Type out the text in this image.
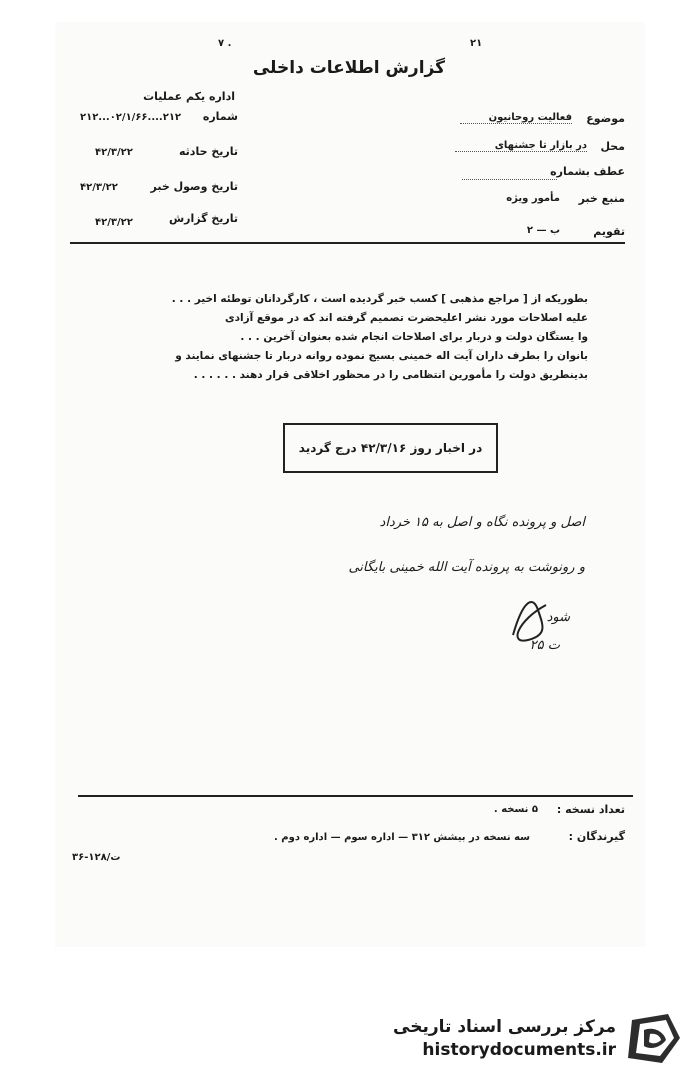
۲۱
۷ .
گزارش اطلاعات داخلی
اداره یکم عملیات
شماره
۲۱۲...۰۲/۱/۶۶....۲۱۲
تاریخ حادثه
۴۲/۳/۲۲
تاریخ وصول خبر
۴۲/۳/۲۲
تاریخ گزارش
۴۲/۳/۲۲
موضوع
فعالیت روحانیون
محل
در بازار تا جشنهای
عطف بشماره
منبع خبر
مأمور ویژه
تقویم
ب — ۲
بطوریکه از [ مراجع مذهبی ] کسب خبر گردیده است ، کارگردانان توطئه اخیر . . .
علیه اصلاحات مورد نشر اعلیحضرت تصمیم گرفته اند که در موقع آزادی
وا یستگان دولت و دربار برای اصلاحات انجام شده بعنوان آخرین . . .
بانوان را بطرف داران آیت اله خمینی بسیج نموده روانه دربار تا جشنهای نمایند و
بدینطریق دولت را مأمورین انتظامی را در محظور اخلاقی قرار دهند . . . . . .
در اخبار روز ۴۲/۳/۱۶ درج گردید
اصل و پرونده نگاه و اصل به ۱۵ خرداد
و رونوشت به پرونده آیت الله خمینی بایگانی
شود
ت ۲۵
تعداد نسخه :
۵ نسخه .
گیرندگان :
سه نسخه در بیشش ۳۱۲ — اداره سوم — اداره دوم .
۳۶-۱۲۸/ت
مرکز بررسی اسناد تاریخی
historydocuments.ir
